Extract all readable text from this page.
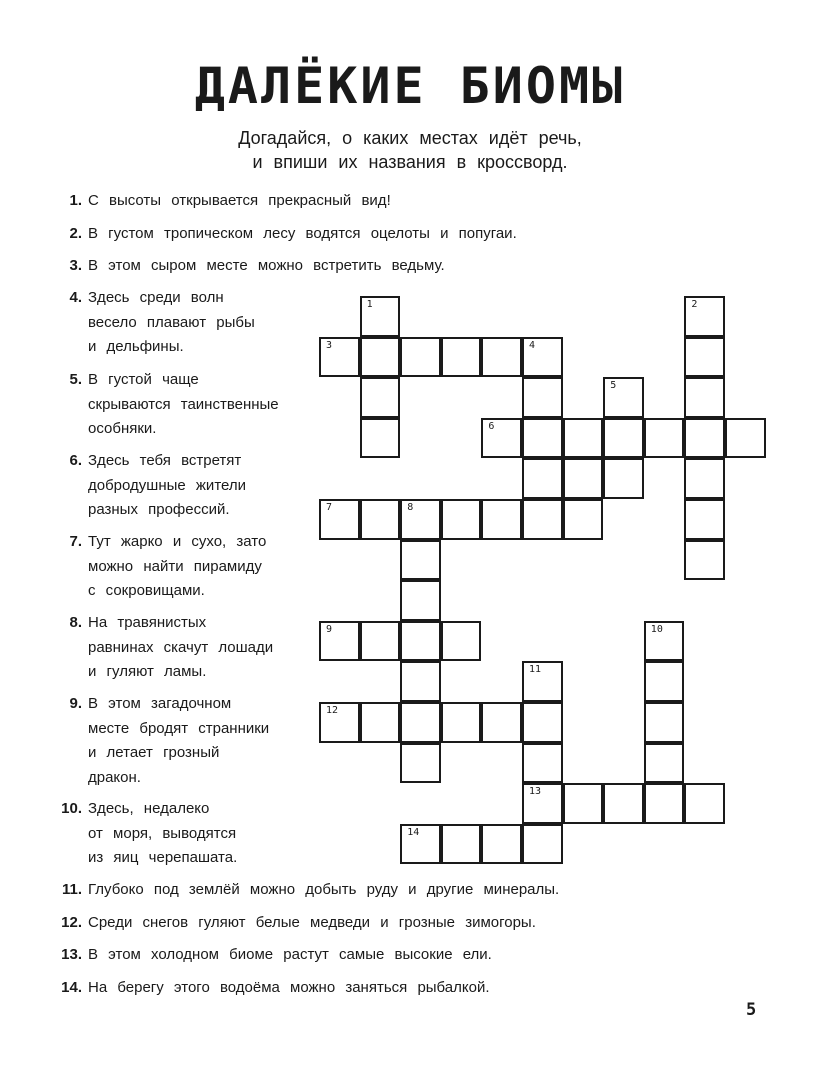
ДАЛЁКИЕ БИОМЫ
Догадайся, о каких местах идёт речь,
и впиши их названия в кроссворд.
1. С высоты открывается прекрасный вид!
2. В густом тропическом лесу водятся оцелоты и попугаи.
3. В этом сыром месте можно встретить ведьму.
4. Здесь среди волн
весело плавают рыбы
и дельфины.
5. В густой чаще
скрываются таинственные
особняки.
6. Здесь тебя встретят
добродушные жители
разных профессий.
7. Тут жарко и сухо, зато
можно найти пирамиду
с сокровищами.
8. На травянистых
равнинах скачут лошади
и гуляют ламы.
9. В этом загадочном
месте бродят странники
и летает грозный
дракон.
10. Здесь, недалеко
от моря, выводятся
из яиц черепашата.
11. Глубоко под землёй можно добыть руду и другие минералы.
12. Среди снегов гуляют белые медведи и грозные зимогоры.
13. В этом холодном биоме растут самые высокие ели.
14. На берегу этого водоёма можно заняться рыбалкой.
1	2
3	4
5
6
7	8
9	10
11
12
13
14
5
